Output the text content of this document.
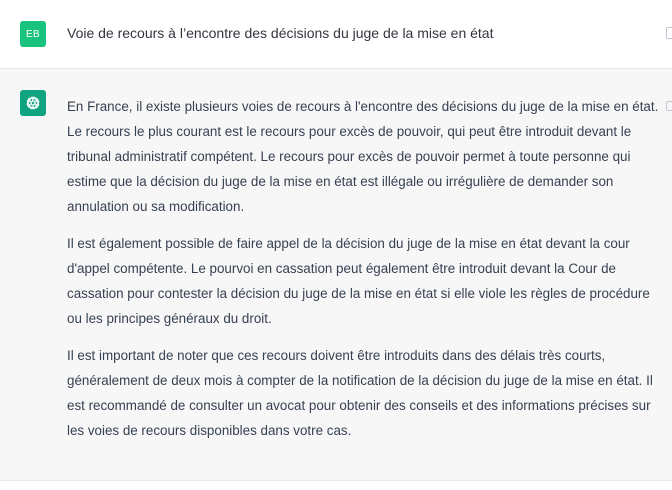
EB Voie de recours à l’encontre des décisions du juge de la mise en état

En France, il existe plusieurs voies de recours à l'encontre des décisions du juge de la mise en état. Le recours le plus courant est le recours pour excès de pouvoir, qui peut être introduit devant le tribunal administratif compétent. Le recours pour excès de pouvoir permet à toute personne qui estime que la décision du juge de la mise en état est illégale ou irrégulière de demander son annulation ou sa modification.

Il est également possible de faire appel de la décision du juge de la mise en état devant la cour d'appel compétente. Le pourvoi en cassation peut également être introduit devant la Cour de cassation pour contester la décision du juge de la mise en état si elle viole les règles de procédure ou les principes généraux du droit.

Il est important de noter que ces recours doivent être introduits dans des délais très courts, généralement de deux mois à compter de la notification de la décision du juge de la mise en état. Il est recommandé de consulter un avocat pour obtenir des conseils et des informations précises sur les voies de recours disponibles dans votre cas.
